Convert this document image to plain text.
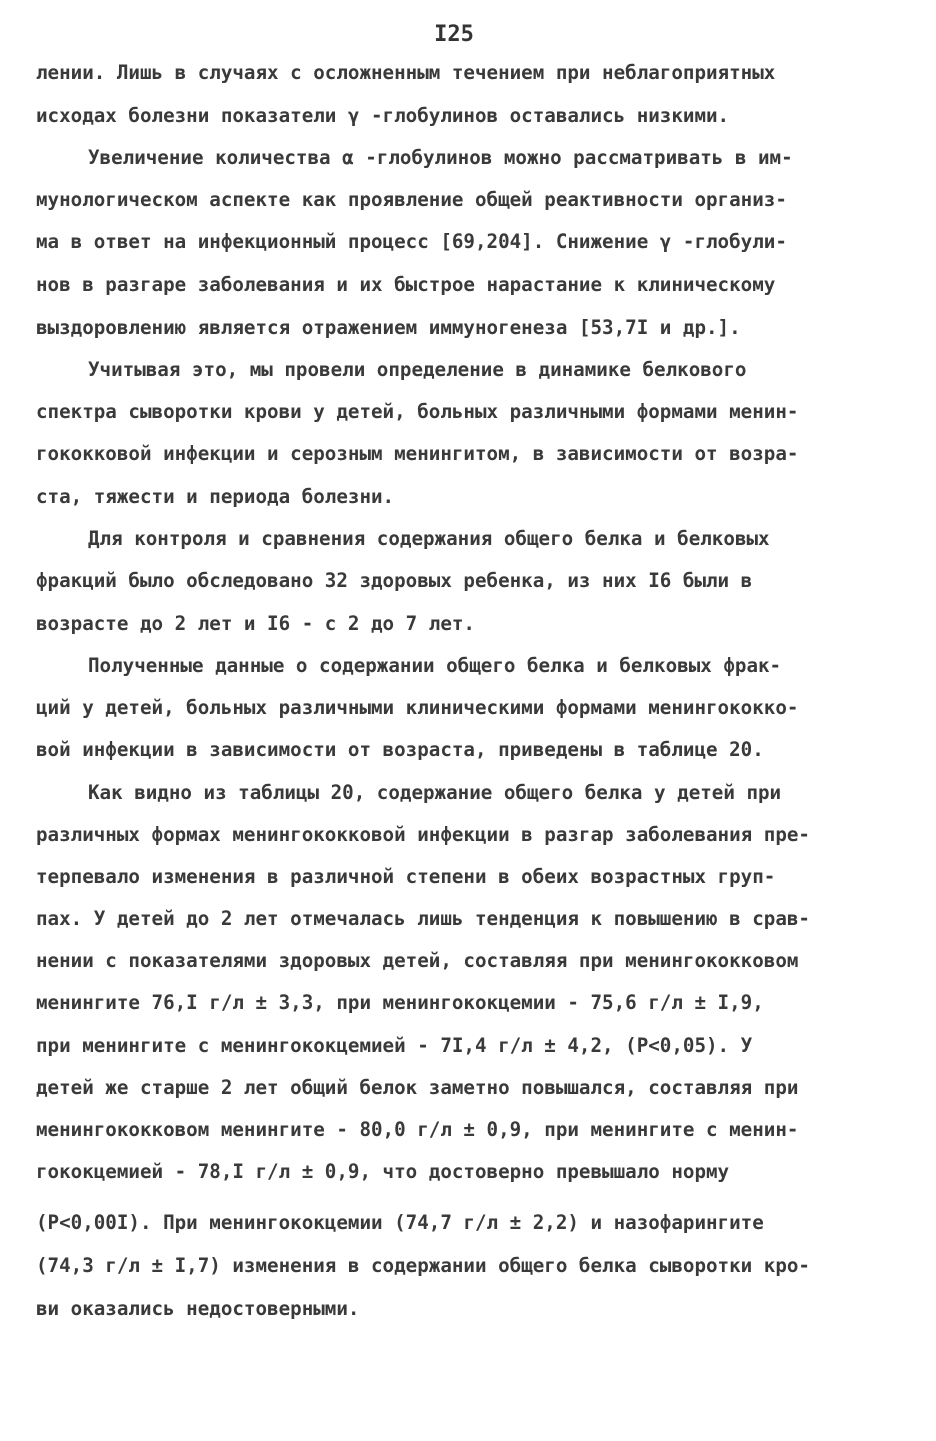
I25
лении. Лишь в случаях с осложненным течением при неблагоприятных
исходах болезни показатели γ -глобулинов оставались низкими.
Увеличение количества α -глобулинов можно рассматривать в им-
мунологическом аспекте как проявление общей реактивности организ-
ма в ответ на инфекционный процесс [69,204]. Снижение γ -глобули-
нов в разгаре заболевания и их быстрое нарастание к клиническому
выздоровлению является отражением иммуногенеза [53,7I и др.].
Учитывая это, мы провели определение в динамике белкового
спектра сыворотки крови у детей, больных различными формами менин-
гококковой инфекции и серозным менингитом, в зависимости от возра-
ста, тяжести и периода болезни.
Для контроля и сравнения содержания общего белка и белковых
фракций было обследовано 32 здоровых ребенка, из них I6 были в
возрасте до 2 лет и I6 - с 2 до 7 лет.
Полученные данные о содержании общего белка и белковых фрак-
ций у детей, больных различными клиническими формами менингококко-
вой инфекции в зависимости от возраста, приведены в таблице 20.
Как видно из таблицы 20, содержание общего белка у детей при
различных формах менингококковой инфекции в разгар заболевания пре-
терпевало изменения в различной степени в обеих возрастных груп-
пах. У детей до 2 лет отмечалась лишь тенденция к повышению в срав-
нении с показателями здоровых детей, составляя при менингококковом
менингите 76,I г/л ± 3,3, при менингококцемии - 75,6 г/л ± I,9,
при менингите с менингококцемией - 7I,4 г/л ± 4,2, (P<0,05). У
детей же старше 2 лет общий белок заметно повышался, составляя при
менингококковом менингите - 80,0 г/л ± 0,9, при менингите с менин-
гококцемией - 78,I г/л ± 0,9, что достоверно превышало норму
(P<0,00I). При менингококцемии (74,7 г/л ± 2,2) и назофарингите
(74,3 г/л ± I,7) изменения в содержании общего белка сыворотки кро-
ви оказались недостоверными.
